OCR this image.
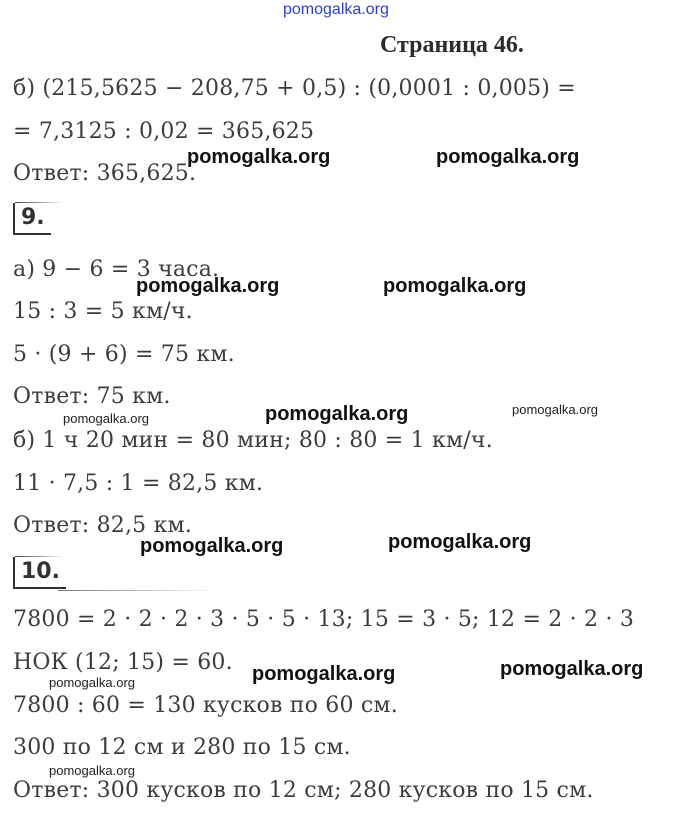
pomogalka.org
Страница 46.
б) (215,5625 − 208,75 + 0,5) : (0,0001 : 0,005) =
= 7,3125 : 0,02 = 365,625
Ответ: 365,625.
9.
а) 9 − 6 = 3 часа.
15 : 3 = 5 км/ч.
5 · (9 + 6) = 75 км.
Ответ: 75 км.
б) 1 ч 20 мин = 80 мин; 80 : 80 = 1 км/ч.
11 · 7,5 : 1 = 82,5 км.
Ответ: 82,5 км.
10.
7800 = 2 · 2 · 2 · 3 · 5 · 5 · 13; 15 = 3 · 5; 12 = 2 · 2 · 3
НОК (12; 15) = 60.
7800 : 60 = 130 кусков по 60 см.
300 по 12 см и 280 по 15 см.
Ответ: 300 кусков по 12 см; 280 кусков по 15 см.
pomogalka.org	pomogalka.org
pomogalka.org	pomogalka.org
pomogalka.org	pomogalka.org	pomogalka.org
pomogalka.org	pomogalka.org
pomogalka.org	pomogalka.org
pomogalka.org
pomogalka.org
